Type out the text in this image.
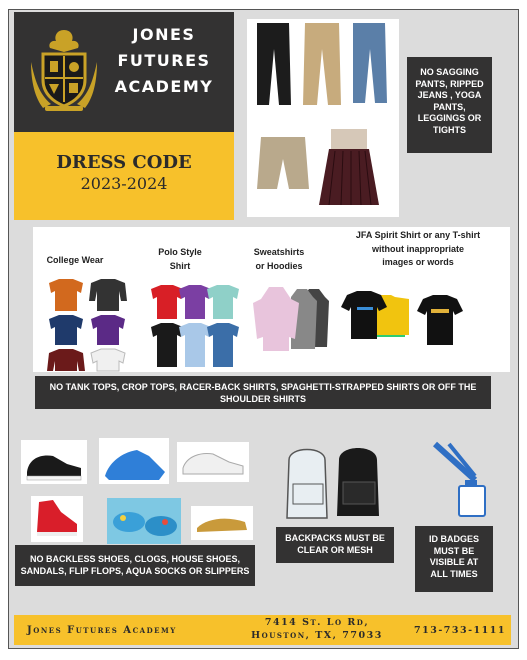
JONES
FUTURES
ACADEMY
DRESS CODE
2023-2024
NO SAGGING
PANTS, RIPPED
JEANS , YOGA
PANTS,
LEGGINGS OR
TIGHTS
College Wear
Polo Style
Shirt
Sweatshirts
or Hoodies
JFA Spirit Shirt or any T-shirt
without inappropriate
images or words
NO TANK TOPS, CROP TOPS, RACER-BACK SHIRTS, SPAGHETTI-STRAPPED SHIRTS OR OFF THE
SHOULDER SHIRTS
NO BACKLESS SHOES, CLOGS, HOUSE SHOES,
SANDALS, FLIP FLOPS, AQUA SOCKS OR SLIPPERS
BACKPACKS MUST BE
CLEAR OR MESH
ID BADGES
MUST BE
VISIBLE AT
ALL TIMES
Jones Futures Academy
7414 St. Lo Rd,
Houston, TX, 77033	713-733-1111
